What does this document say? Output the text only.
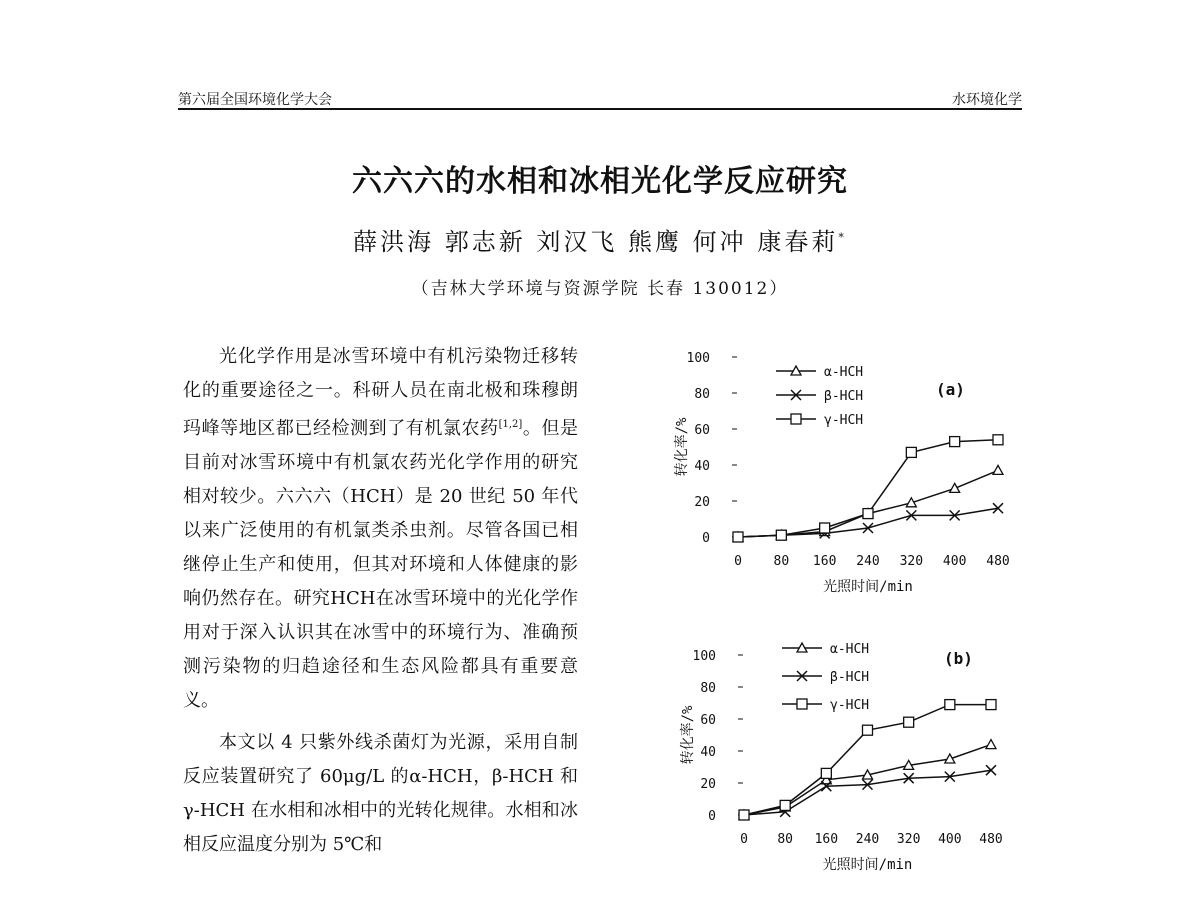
第六届全国环境化学大会	水环境化学
六六六的水相和冰相光化学反应研究
薛洪海 郭志新 刘汉飞 熊鹰 何冲 康春莉*
（吉林大学环境与资源学院 长春 130012）

光化学作用是冰雪环境中有机污染物迁移转化的重要途径之一。科研人员在南北极和珠穆朗玛峰等地区都已经检测到了有机氯农药[1,2]。但是目前对冰雪环境中有机氯农药光化学作用的研究相对较少。六六六（HCH）是 20 世纪 50 年代以来广泛使用的有机氯类杀虫剂。尽管各国已相继停止生产和使用，但其对环境和人体健康的影响仍然存在。研究HCH在冰雪环境中的光化学作用对于深入认识其在冰雪中的环境行为、准确预测污染物的归趋途径和生态风险都具有重要意义。

本文以 4 只紫外线杀菌灯为光源，采用自制反应装置研究了 60μg/L 的α-HCH，β-HCH 和γ-HCH 在水相和冰相中的光转化规律。水相和冰相反应温度分别为 5℃和

0
20
40
60
80
100
0 80 160 240 320 400 480
光照时间/min
转化率/%
(a)
α-HCH
β-HCH
γ-HCH
0
20
40
60
80
100
0 80 160 240 320 400 480
光照时间/min
转化率/%
(b)
α-HCH
β-HCH
γ-HCH
